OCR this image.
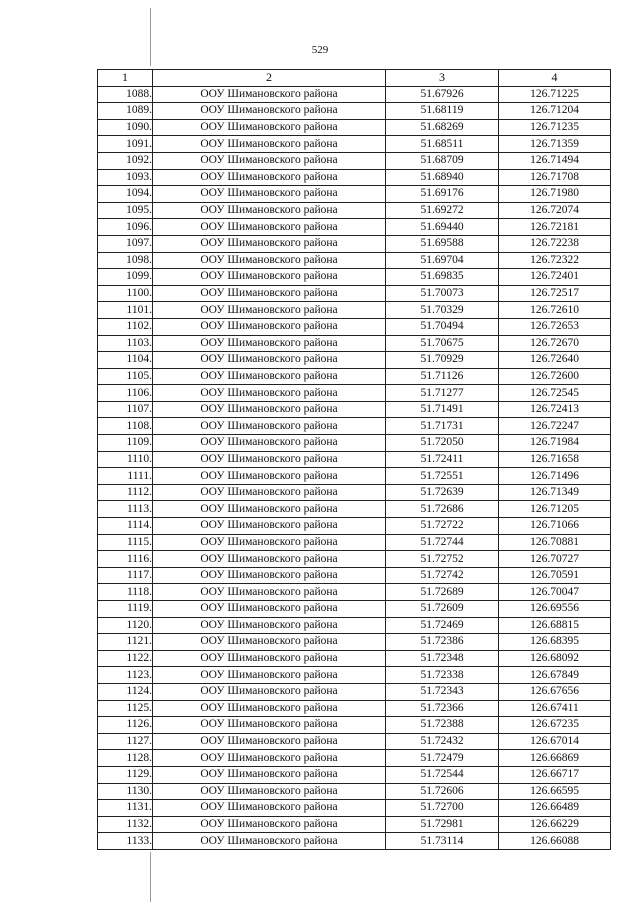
529
1	2	3	4
1088.	ООУ Шимановского района	51.67926	126.71225
1089.	ООУ Шимановского района	51.68119	126.71204
1090.	ООУ Шимановского района	51.68269	126.71235
1091.	ООУ Шимановского района	51.68511	126.71359
1092.	ООУ Шимановского района	51.68709	126.71494
1093.	ООУ Шимановского района	51.68940	126.71708
1094.	ООУ Шимановского района	51.69176	126.71980
1095.	ООУ Шимановского района	51.69272	126.72074
1096.	ООУ Шимановского района	51.69440	126.72181
1097.	ООУ Шимановского района	51.69588	126.72238
1098.	ООУ Шимановского района	51.69704	126.72322
1099.	ООУ Шимановского района	51.69835	126.72401
1100.	ООУ Шимановского района	51.70073	126.72517
1101.	ООУ Шимановского района	51.70329	126.72610
1102.	ООУ Шимановского района	51.70494	126.72653
1103.	ООУ Шимановского района	51.70675	126.72670
1104.	ООУ Шимановского района	51.70929	126.72640
1105.	ООУ Шимановского района	51.71126	126.72600
1106.	ООУ Шимановского района	51.71277	126.72545
1107.	ООУ Шимановского района	51.71491	126.72413
1108.	ООУ Шимановского района	51.71731	126.72247
1109.	ООУ Шимановского района	51.72050	126.71984
1110.	ООУ Шимановского района	51.72411	126.71658
1111.	ООУ Шимановского района	51.72551	126.71496
1112.	ООУ Шимановского района	51.72639	126.71349
1113.	ООУ Шимановского района	51.72686	126.71205
1114.	ООУ Шимановского района	51.72722	126.71066
1115.	ООУ Шимановского района	51.72744	126.70881
1116.	ООУ Шимановского района	51.72752	126.70727
1117.	ООУ Шимановского района	51.72742	126.70591
1118.	ООУ Шимановского района	51.72689	126.70047
1119.	ООУ Шимановского района	51.72609	126.69556
1120.	ООУ Шимановского района	51.72469	126.68815
1121.	ООУ Шимановского района	51.72386	126.68395
1122.	ООУ Шимановского района	51.72348	126.68092
1123.	ООУ Шимановского района	51.72338	126.67849
1124.	ООУ Шимановского района	51.72343	126.67656
1125.	ООУ Шимановского района	51.72366	126.67411
1126.	ООУ Шимановского района	51.72388	126.67235
1127.	ООУ Шимановского района	51.72432	126.67014
1128.	ООУ Шимановского района	51.72479	126.66869
1129.	ООУ Шимановского района	51.72544	126.66717
1130.	ООУ Шимановского района	51.72606	126.66595
1131.	ООУ Шимановского района	51.72700	126.66489
1132.	ООУ Шимановского района	51.72981	126.66229
1133.	ООУ Шимановского района	51.73114	126.66088
